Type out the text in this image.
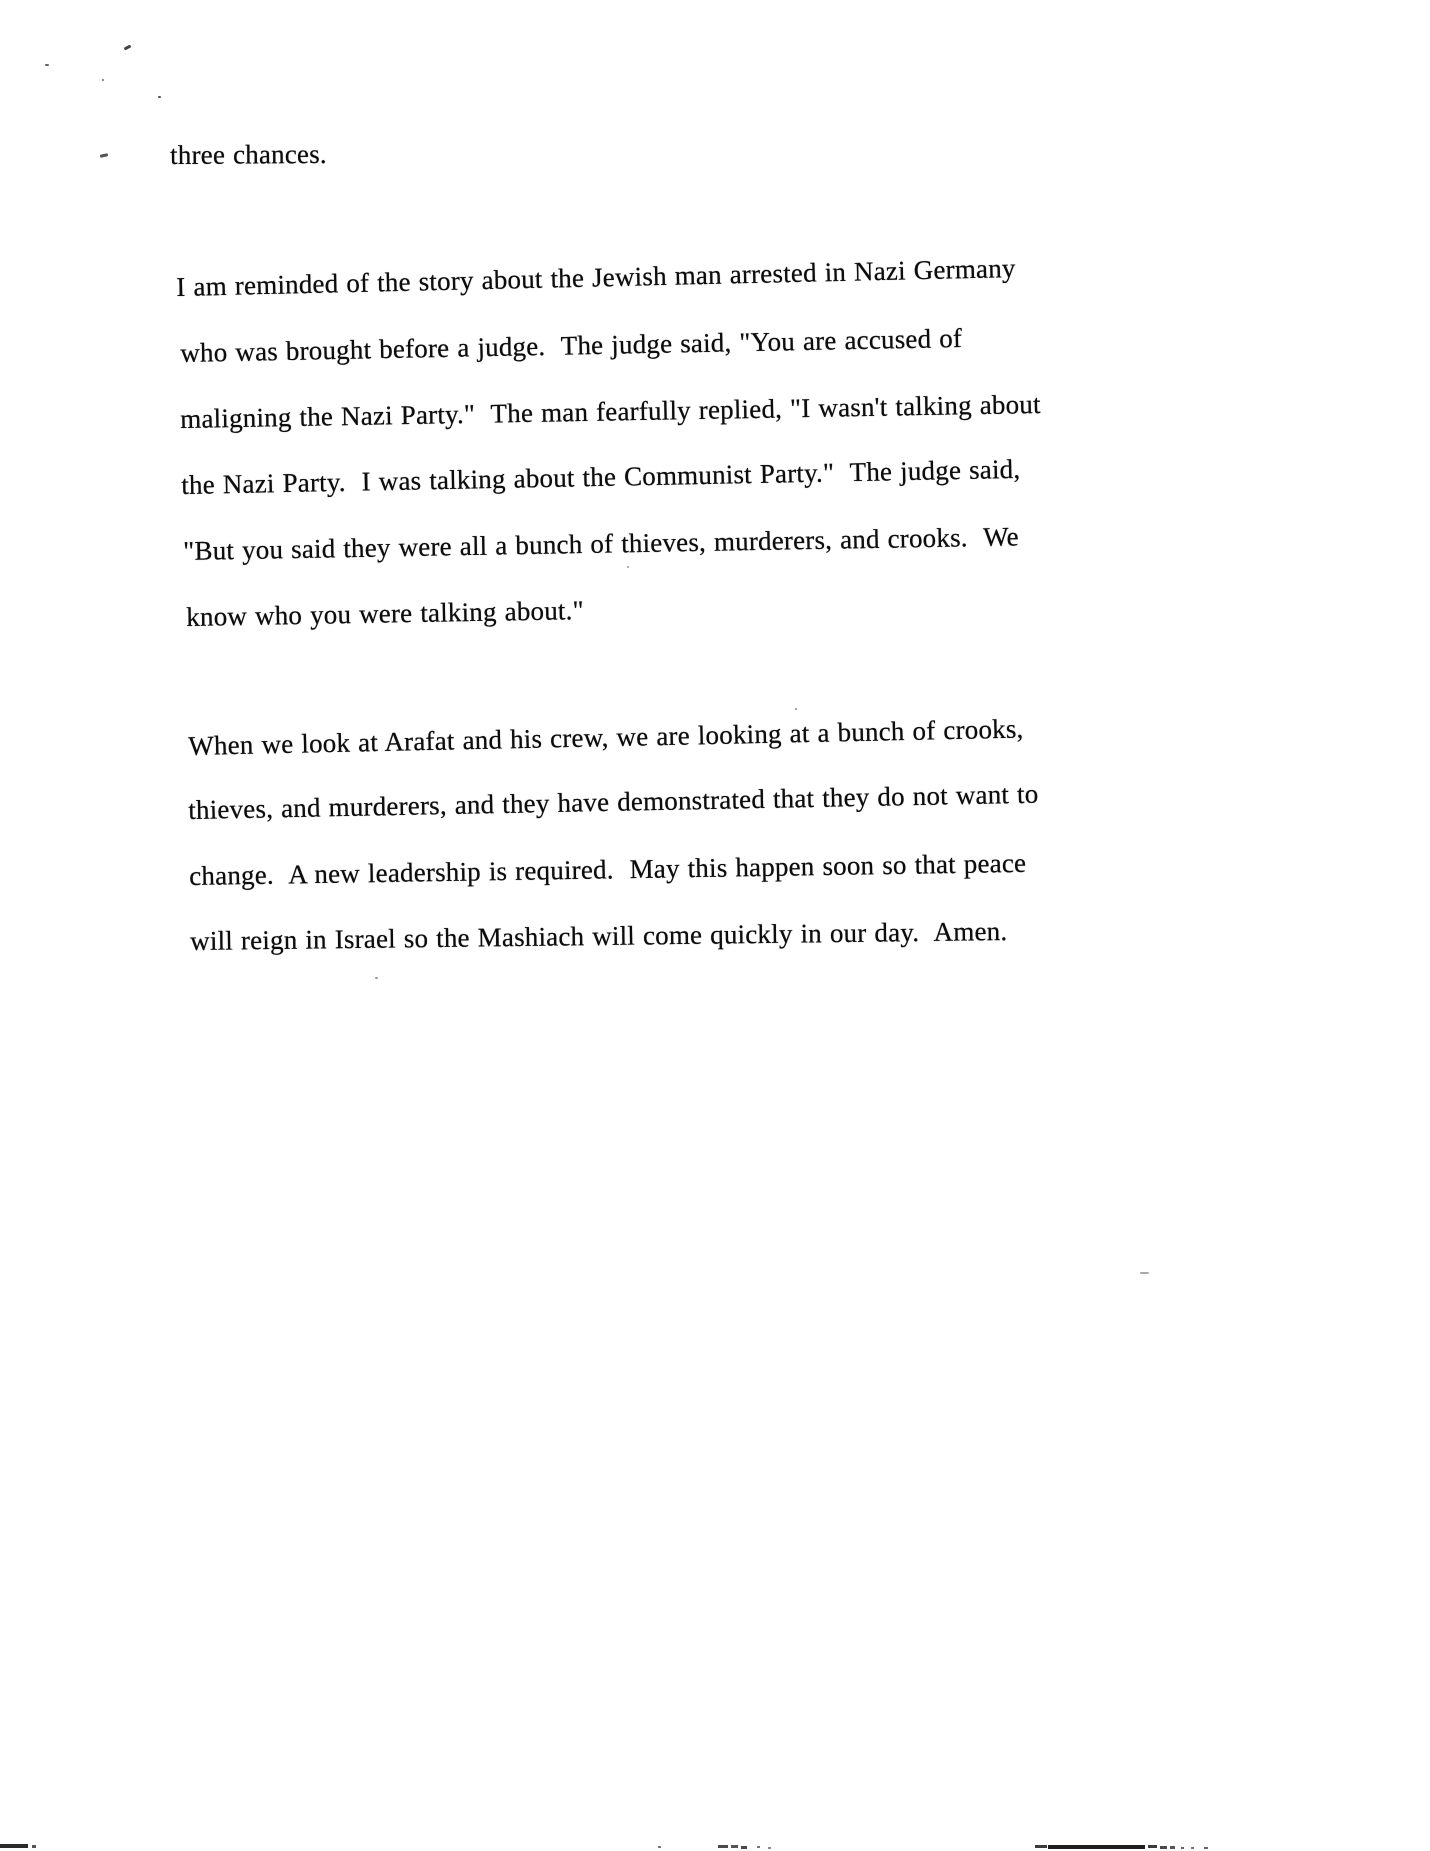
three chances.
I am reminded of the story about the Jewish man arrested in Nazi Germany
who was brought before a judge.  The judge said, "You are accused of
maligning the Nazi Party."  The man fearfully replied, "I wasn't talking about
the Nazi Party.  I was talking about the Communist Party."  The judge said,
"But you said they were all a bunch of thieves, murderers, and crooks.  We
know who you were talking about."
When we look at Arafat and his crew, we are looking at a bunch of crooks,
thieves, and murderers, and they have demonstrated that they do not want to
change.  A new leadership is required.  May this happen soon so that peace
will reign in Israel so the Mashiach will come quickly in our day.  Amen.
